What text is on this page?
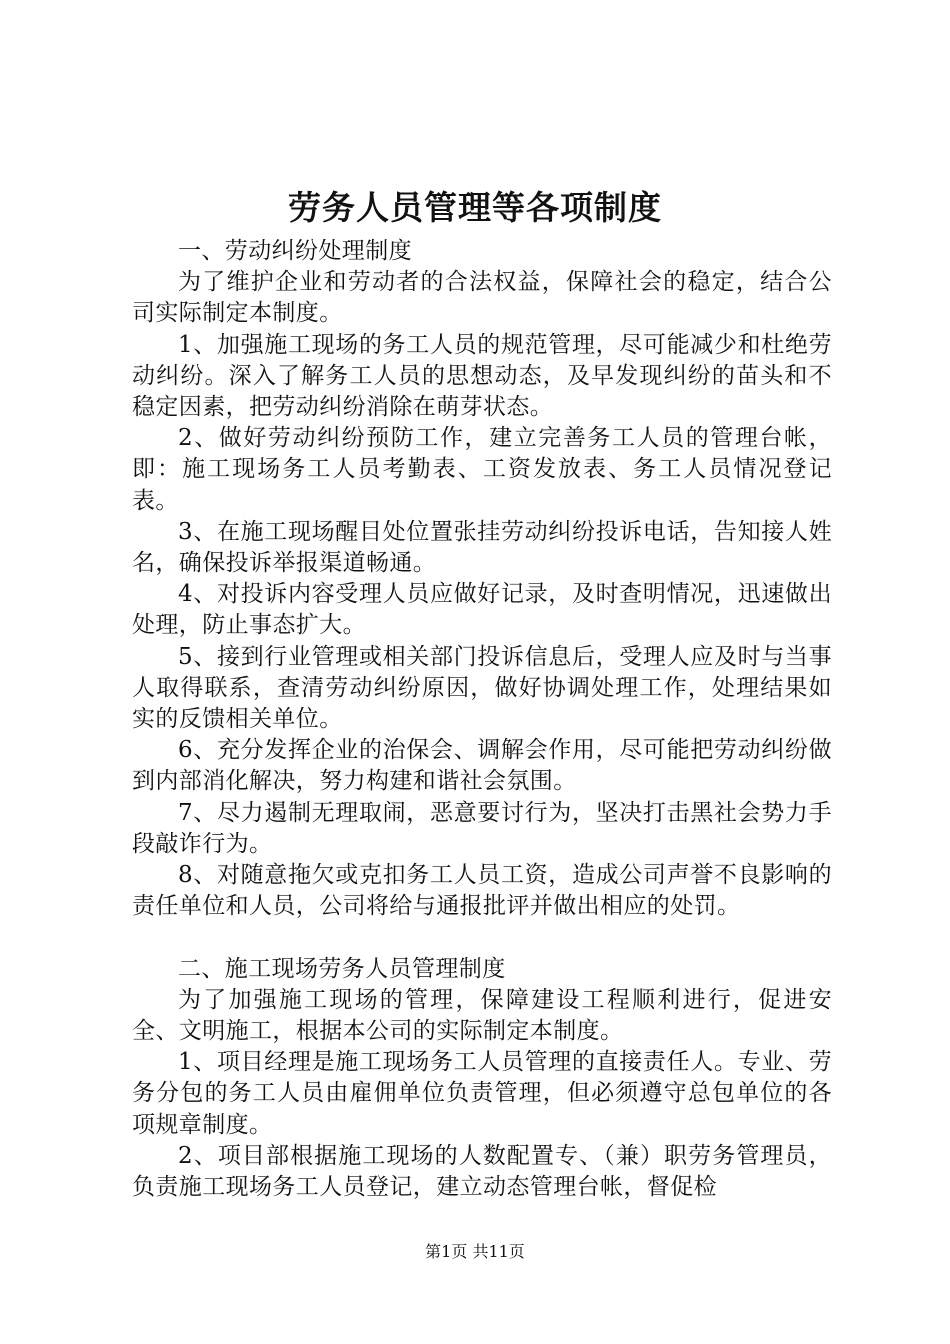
劳务人员管理等各项制度

一、劳动纠纷处理制度

为了维护企业和劳动者的合法权益，保障社会的稳定，结合公司实际制定本制度。

1、加强施工现场的务工人员的规范管理，尽可能减少和杜绝劳动纠纷。深入了解务工人员的思想动态，及早发现纠纷的苗头和不稳定因素，把劳动纠纷消除在萌芽状态。

2、做好劳动纠纷预防工作，建立完善务工人员的管理台帐，即：施工现场务工人员考勤表、工资发放表、务工人员情况登记表。

3、在施工现场醒目处位置张挂劳动纠纷投诉电话，告知接人姓名，确保投诉举报渠道畅通。

4、对投诉内容受理人员应做好记录，及时查明情况，迅速做出处理，防止事态扩大。

5、接到行业管理或相关部门投诉信息后，受理人应及时与当事人取得联系，查清劳动纠纷原因，做好协调处理工作，处理结果如实的反馈相关单位。

6、充分发挥企业的治保会、调解会作用，尽可能把劳动纠纷做到内部消化解决，努力构建和谐社会氛围。

7、尽力遏制无理取闹，恶意要讨行为，坚决打击黑社会势力手段敲诈行为。

8、对随意拖欠或克扣务工人员工资，造成公司声誉不良影响的责任单位和人员，公司将给与通报批评并做出相应的处罚。

二、施工现场劳务人员管理制度

为了加强施工现场的管理，保障建设工程顺利进行，促进安全、文明施工，根据本公司的实际制定本制度。

1、项目经理是施工现场务工人员管理的直接责任人。专业、劳务分包的务工人员由雇佣单位负责管理，但必须遵守总包单位的各项规章制度。

2、项目部根据施工现场的人数配置专、（兼）职劳务管理员，负责施工现场务工人员登记，建立动态管理台帐，督促检

第1页 共11页
